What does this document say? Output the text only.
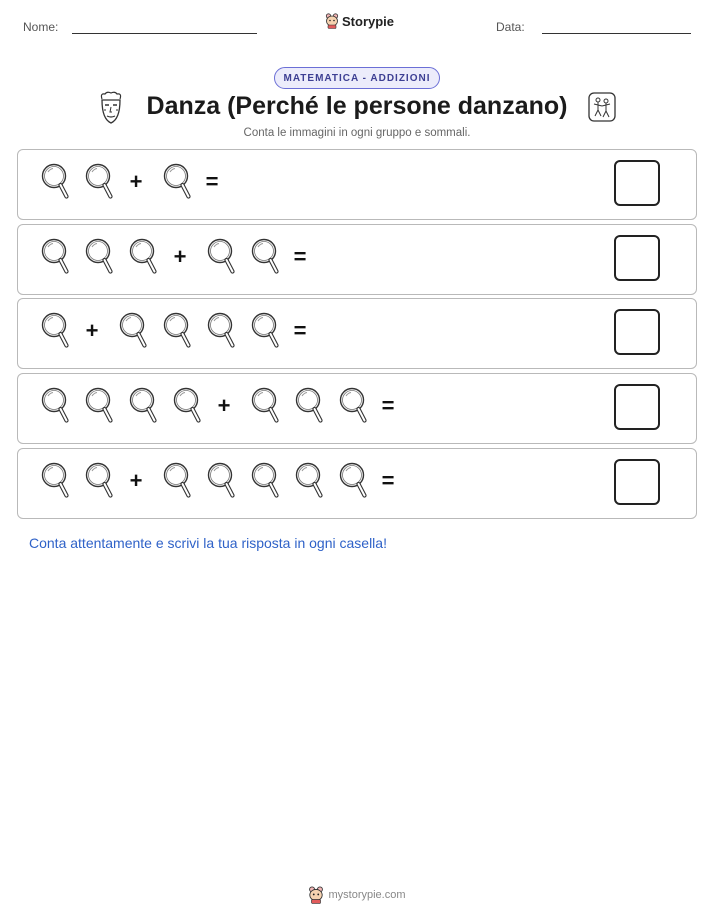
Nome:	Data:
Storypie
MATEMATICA - ADDIZIONI
Danza (Perché le persone danzano)
Conta le immagini in ogni gruppo e sommali.
+	=
+	=
+	=
+	=
+	=
Conta attentamente e scrivi la tua risposta in ogni casella!
mystorypie.com
